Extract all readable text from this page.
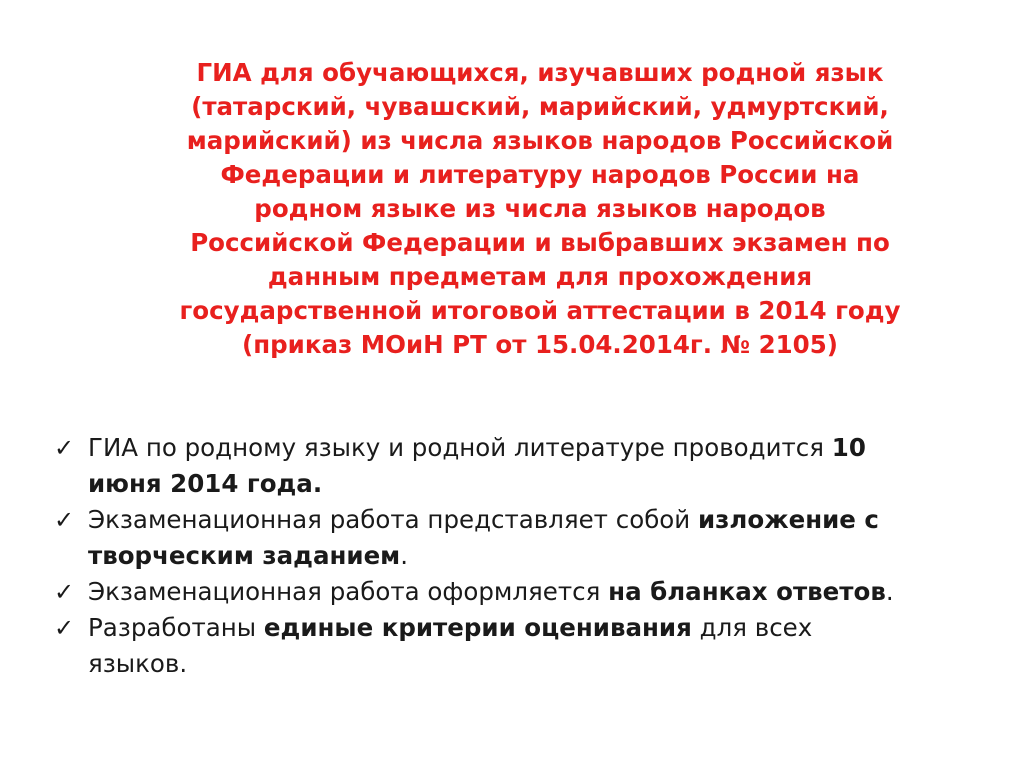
ГИА для обучающихся, изучавших родной язык
(татарский, чувашский, марийский, удмуртский,
марийский) из числа языков народов Российской
Федерации и литературу народов России на
родном языке из числа языков народов
Российской Федерации и выбравших экзамен по
данным предметам для прохождения
государственной итоговой аттестации в 2014 году
(приказ МОиН РТ от 15.04.2014г. № 2105)
✓ ГИА по родному языку и родной литературе проводится 10
июня 2014 года.
✓ Экзаменационная работа представляет собой изложение с
творческим заданием.
✓ Экзаменационная работа оформляется на бланках ответов.
✓ Разработаны единые критерии оценивания для всех
языков.
